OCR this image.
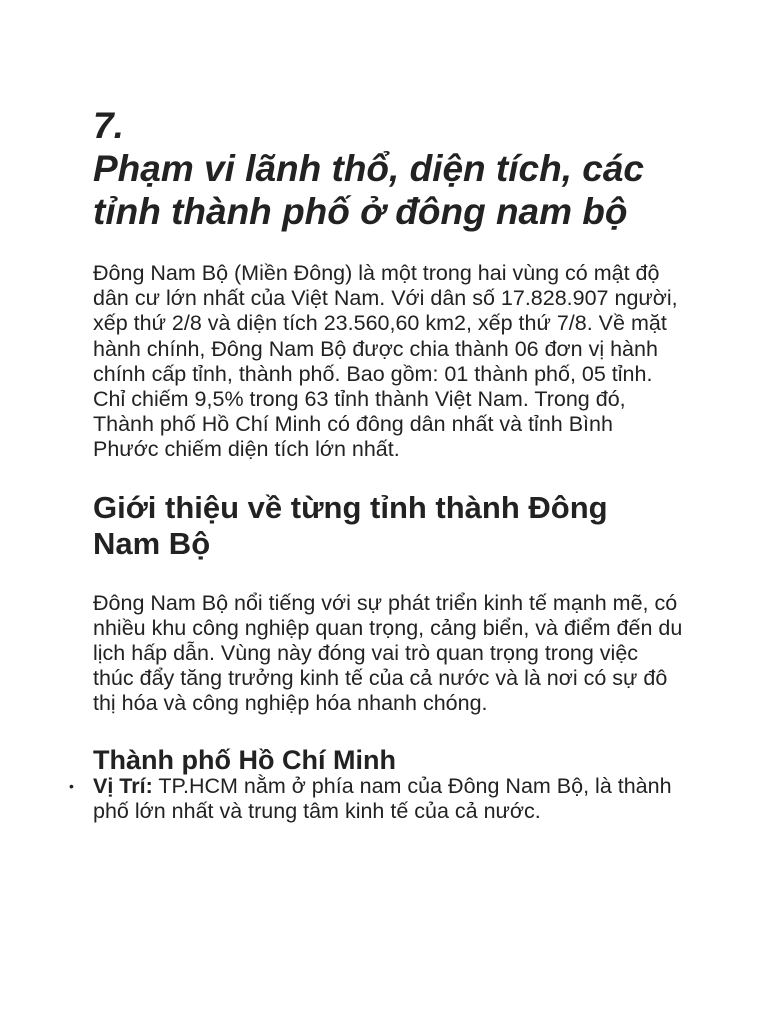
7.
Phạm vi lãnh thổ, diện tích, các tỉnh thành phố ở đông nam bộ

Đông Nam Bộ (Miền Đông) là một trong hai vùng có mật độ dân cư lớn nhất của Việt Nam. Với dân số 17.828.907 người, xếp thứ 2/8 và diện tích 23.560,60 km2, xếp thứ 7/8. Về mặt hành chính, Đông Nam Bộ được chia thành 06 đơn vị hành chính cấp tỉnh, thành phố. Bao gồm: 01 thành phố, 05 tỉnh. Chỉ chiếm 9,5% trong 63 tỉnh thành Việt Nam. Trong đó, Thành phố Hồ Chí Minh có đông dân nhất và tỉnh Bình Phước chiếm diện tích lớn nhất.

Giới thiệu về từng tỉnh thành Đông Nam Bộ

Đông Nam Bộ nổi tiếng với sự phát triển kinh tế mạnh mẽ, có nhiều khu công nghiệp quan trọng, cảng biển, và điểm đến du lịch hấp dẫn. Vùng này đóng vai trò quan trọng trong việc thúc đẩy tăng trưởng kinh tế của cả nước và là nơi có sự đô thị hóa và công nghiệp hóa nhanh chóng.

Thành phố Hồ Chí Minh
• Vị Trí: TP.HCM nằm ở phía nam của Đông Nam Bộ, là thành phố lớn nhất và trung tâm kinh tế của cả nước.
